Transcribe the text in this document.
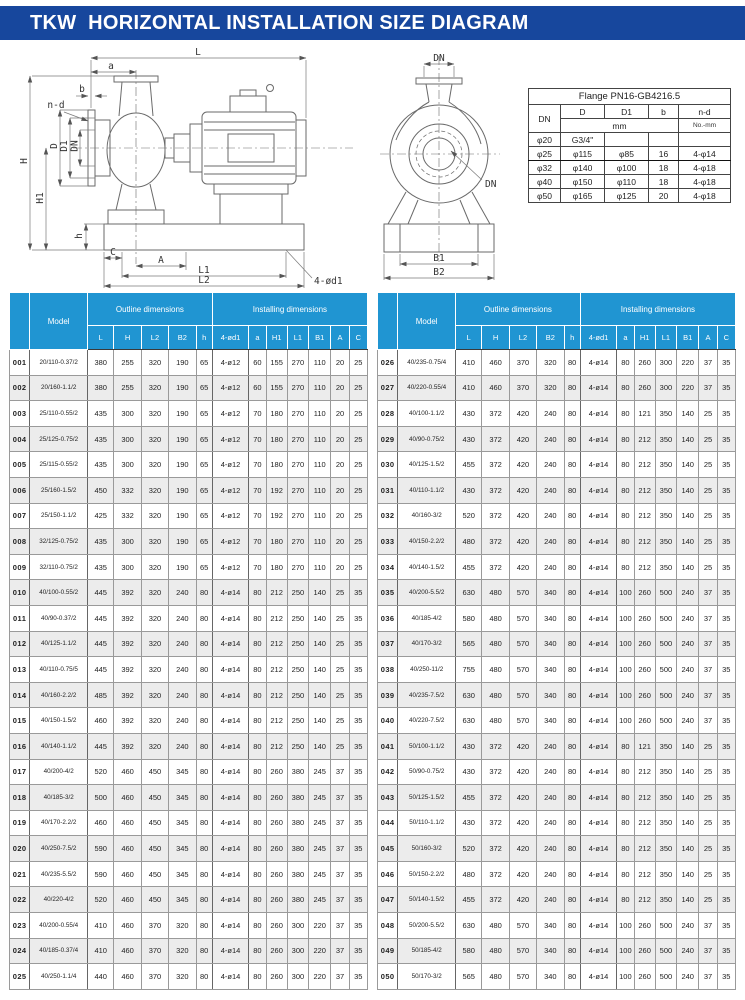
TKW  HORIZONTAL INSTALLATION SIZE DIAGRAM
L
a
b
n-d
H
H1
D D1 DN
h
C
A
L1
L2	4-ød1
DN
DN
B1
B2
Flange PN16-GB4216.5				
DN	D	D1	b	n-d
	mm			No.-mm
φ20	G3/4"			
φ25	φ115	φ85	16	4-φ14
φ32	φ140	φ100	18	4-φ18
φ40	φ150	φ110	18	4-φ18
φ50	φ165	φ125	20	4-φ18
	Model	Outline dimensions					Installing dimensions						
		L	H	L2	B2	h	4-ød1	a	H1	L1	B1	A	C
001	20/110-0.37/2	380	255	320	190	65	4-ø12	60	155	270	110	20	25
002	20/160-1.1/2	380	255	320	190	65	4-ø12	60	155	270	110	20	25
003	25/110-0.55/2	435	300	320	190	65	4-ø12	70	180	270	110	20	25
004	25/125-0.75/2	435	300	320	190	65	4-ø12	70	180	270	110	20	25
005	25/115-0.55/2	435	300	320	190	65	4-ø12	70	180	270	110	20	25
006	25/160-1.5/2	450	332	320	190	65	4-ø12	70	192	270	110	20	25
007	25/150-1.1/2	425	332	320	190	65	4-ø12	70	192	270	110	20	25
008	32/125-0.75/2	435	300	320	190	65	4-ø12	70	180	270	110	20	25
009	32/110-0.75/2	435	300	320	190	65	4-ø12	70	180	270	110	20	25
010	40/100-0.55/2	445	392	320	240	80	4-ø14	80	212	250	140	25	35
011	40/90-0.37/2	445	392	320	240	80	4-ø14	80	212	250	140	25	35
012	40/125-1.1/2	445	392	320	240	80	4-ø14	80	212	250	140	25	35
013	40/110-0.75/5	445	392	320	240	80	4-ø14	80	212	250	140	25	35
014	40/160-2.2/2	485	392	320	240	80	4-ø14	80	212	250	140	25	35
015	40/150-1.5/2	460	392	320	240	80	4-ø14	80	212	250	140	25	35
016	40/140-1.1/2	445	392	320	240	80	4-ø14	80	212	250	140	25	35
017	40/200-4/2	520	460	450	345	80	4-ø14	80	260	380	245	37	35
018	40/185-3/2	500	460	450	345	80	4-ø14	80	260	380	245	37	35
019	40/170-2.2/2	460	460	450	345	80	4-ø14	80	260	380	245	37	35
020	40/250-7.5/2	590	460	450	345	80	4-ø14	80	260	380	245	37	35
021	40/235-5.5/2	590	460	450	345	80	4-ø14	80	260	380	245	37	35
022	40/220-4/2	520	460	450	345	80	4-ø14	80	260	380	245	37	35
023	40/200-0.55/4	410	460	370	320	80	4-ø14	80	260	300	220	37	35
024	40/185-0.37/4	410	460	370	320	80	4-ø14	80	260	300	220	37	35
025	40/250-1.1/4	440	460	370	320	80	4-ø14	80	260	300	220	37	35
	Model	Outline dimensions					Installing dimensions						
		L	H	L2	B2	h	4-ød1	a	H1	L1	B1	A	C
026	40/235-0.75/4	410	460	370	320	80	4-ø14	80	260	300	220	37	35
027	40/220-0.55/4	410	460	370	320	80	4-ø14	80	260	300	220	37	35
028	40/100-1.1/2	430	372	420	240	80	4-ø14	80	121	350	140	25	35
029	40/90-0.75/2	430	372	420	240	80	4-ø14	80	212	350	140	25	35
030	40/125-1.5/2	455	372	420	240	80	4-ø14	80	212	350	140	25	35
031	40/110-1.1/2	430	372	420	240	80	4-ø14	80	212	350	140	25	35
032	40/160-3/2	520	372	420	240	80	4-ø14	80	212	350	140	25	35
033	40/150-2.2/2	480	372	420	240	80	4-ø14	80	212	350	140	25	35
034	40/140-1.5/2	455	372	420	240	80	4-ø14	80	212	350	140	25	35
035	40/200-5.5/2	630	480	570	340	80	4-ø14	100	260	500	240	37	35
036	40/185-4/2	580	480	570	340	80	4-ø14	100	260	500	240	37	35
037	40/170-3/2	565	480	570	340	80	4-ø14	100	260	500	240	37	35
038	40/250-11/2	755	480	570	340	80	4-ø14	100	260	500	240	37	35
039	40/235-7.5/2	630	480	570	340	80	4-ø14	100	260	500	240	37	35
040	40/220-7.5/2	630	480	570	340	80	4-ø14	100	260	500	240	37	35
041	50/100-1.1/2	430	372	420	240	80	4-ø14	80	121	350	140	25	35
042	50/90-0.75/2	430	372	420	240	80	4-ø14	80	212	350	140	25	35
043	50/125-1.5/2	455	372	420	240	80	4-ø14	80	212	350	140	25	35
044	50/110-1.1/2	430	372	420	240	80	4-ø14	80	212	350	140	25	35
045	50/160-3/2	520	372	420	240	80	4-ø14	80	212	350	140	25	35
046	50/150-2.2/2	480	372	420	240	80	4-ø14	80	212	350	140	25	35
047	50/140-1.5/2	455	372	420	240	80	4-ø14	80	212	350	140	25	35
048	50/200-5.5/2	630	480	570	340	80	4-ø14	100	260	500	240	37	35
049	50/185-4/2	580	480	570	340	80	4-ø14	100	260	500	240	37	35
050	50/170-3/2	565	480	570	340	80	4-ø14	100	260	500	240	37	35
